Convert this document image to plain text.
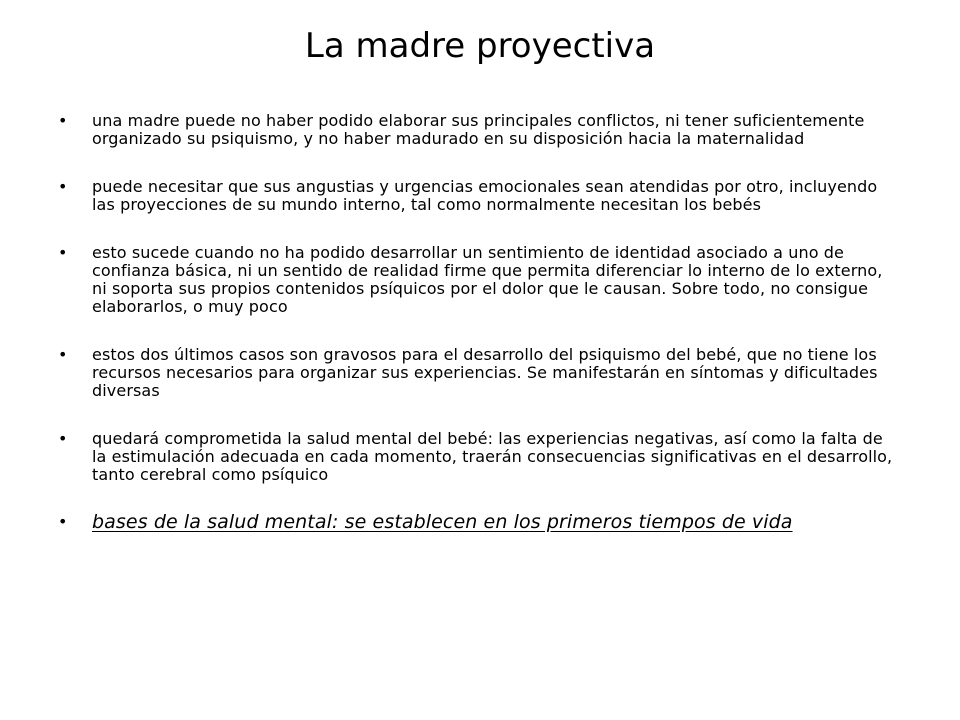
La madre proyectiva
• una madre puede no haber podido elaborar sus principales conflictos, ni tener suficientemente organizado su psiquismo, y no haber madurado en su disposición hacia la maternalidad
• puede necesitar que sus angustias y urgencias emocionales sean atendidas por otro, incluyendo las proyecciones de su mundo interno, tal como normalmente necesitan los bebés
• esto sucede cuando no ha podido desarrollar un sentimiento de identidad asociado a uno de confianza básica, ni un sentido de realidad firme que permita diferenciar lo interno de lo externo, ni soporta sus propios contenidos psíquicos por el dolor que le causan. Sobre todo, no consigue elaborarlos, o muy poco
• estos dos últimos casos son gravosos para el desarrollo del psiquismo del bebé, que no tiene los recursos necesarios para organizar sus experiencias. Se manifestarán en síntomas y dificultades diversas
• quedará comprometida la salud mental del bebé: las experiencias negativas, así como la falta de la estimulación adecuada en cada momento, traerán consecuencias significativas en el desarrollo, tanto cerebral como psíquico
• bases de la salud mental: se establecen en los primeros tiempos de vida
